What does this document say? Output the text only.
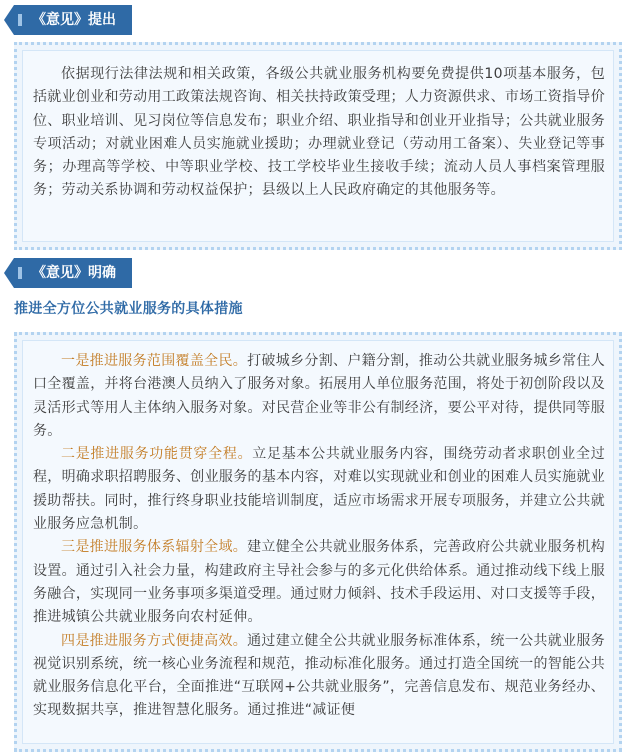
《意见》提出

依据现行法律法规和相关政策，各级公共就业服务机构要免费提供10项基本服务，包括就业创业和劳动用工政策法规咨询、相关扶持政策受理；人力资源供求、市场工资指导价位、职业培训、见习岗位等信息发布；职业介绍、职业指导和创业开业指导；公共就业服务专项活动；对就业困难人员实施就业援助；办理就业登记（劳动用工备案）、失业登记等事务；办理高等学校、中等职业学校、技工学校毕业生接收手续；流动人员人事档案管理服务；劳动关系协调和劳动权益保护；县级以上人民政府确定的其他服务等。

《意见》明确
推进全方位公共就业服务的具体措施

一是推进服务范围覆盖全民。打破城乡分割、户籍分割，推动公共就业服务城乡常住人口全覆盖，并将台港澳人员纳入了服务对象。拓展用人单位服务范围，将处于初创阶段以及灵活形式等用人主体纳入服务对象。对民营企业等非公有制经济，要公平对待，提供同等服务。

二是推进服务功能贯穿全程。立足基本公共就业服务内容，围绕劳动者求职创业全过程，明确求职招聘服务、创业服务的基本内容，对难以实现就业和创业的困难人员实施就业援助帮扶。同时，推行终身职业技能培训制度，适应市场需求开展专项服务，并建立公共就业服务应急机制。

三是推进服务体系辐射全域。建立健全公共就业服务体系，完善政府公共就业服务机构设置。通过引入社会力量，构建政府主导社会参与的多元化供给体系。通过推动线下线上服务融合，实现同一业务事项多渠道受理。通过财力倾斜、技术手段运用、对口支援等手段，推进城镇公共就业服务向农村延伸。

四是推进服务方式便捷高效。通过建立健全公共就业服务标准体系，统一公共就业服务视觉识别系统，统一核心业务流程和规范，推动标准化服务。通过打造全国统一的智能公共就业服务信息化平台，全面推进“互联网+公共就业服务”，完善信息发布、规范业务经办、实现数据共享，推进智慧化服务。通过推进“减证便
